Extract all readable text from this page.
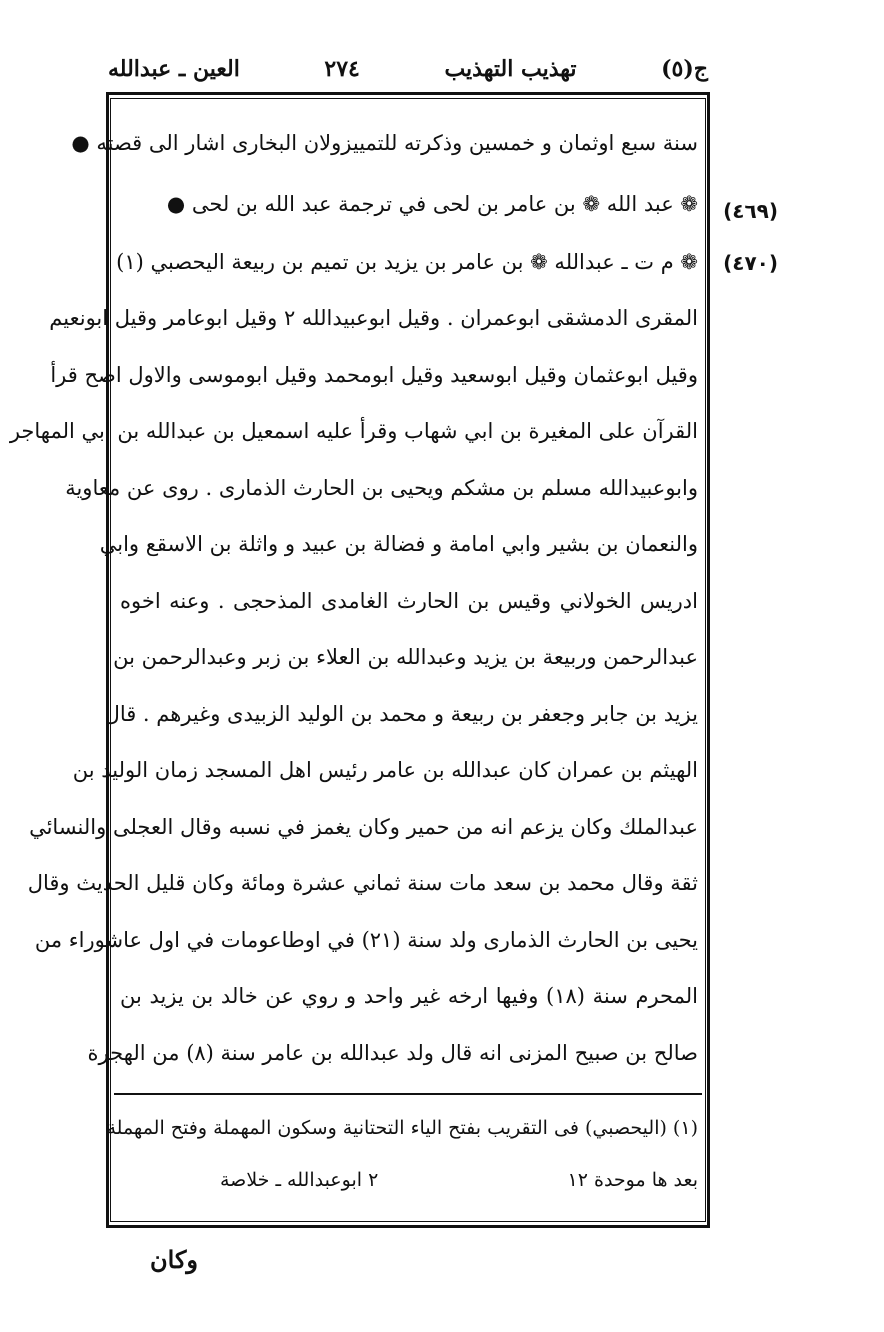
ج(٥)
تهذيب التهذيب
٢٧٤
العين ـ عبدالله
(٤٦٩)
(٤٧٠)
سنة سبع اوثمان و خمسين وذكرته للتمييزولان البخارى اشار الى قصته ●
❁ عبد الله ❁ بن عامر بن لحى في ترجمة عبد الله بن لحى ●
❁ م ت ـ عبدالله ❁ بن عامر بن يزيد بن تميم بن ربيعة اليحصبي (١)
المقرى الدمشقى ابوعمران . وقيل ابوعبيدالله ٢ وقيل ابوعامر وقيل ابونعيم
وقيل ابوعثمان وقيل ابوسعيد وقيل ابومحمد وقيل ابوموسى والاول اصح قرأ
القرآن على المغيرة بن ابي شهاب وقرأ عليه اسمعيل بن عبدالله بن ابي المهاجر
وابوعبيدالله مسلم بن مشكم ويحيى بن الحارث الذمارى . روى عن معاوية
والنعمان بن بشير وابي امامة و فضالة بن عبيد و واثلة بن الاسقع وابي
ادريس الخولاني وقيس بن الحارث الغامدى المذحجى . وعنه اخوه
عبدالرحمن وربيعة بن يزيد وعبدالله بن العلاء بن زبر وعبدالرحمن بن
يزيد بن جابر وجعفر بن ربيعة و محمد بن الوليد الزبيدى وغيرهم . قال
الهيثم بن عمران كان عبدالله بن عامر رئيس اهل المسجد زمان الوليد بن
عبدالملك وكان يزعم انه من حمير وكان يغمز في نسبه وقال العجلى والنسائي
ثقة وقال محمد بن سعد مات سنة ثماني عشرة ومائة وكان قليل الحديث وقال
يحيى بن الحارث الذمارى ولد سنة (٢١) في اوطاعومات في اول عاشوراء من
المحرم سنة (١٨) وفيها ارخه غير واحد و روي عن خالد بن يزيد بن
صالح بن صبيح المزنى انه قال ولد عبدالله بن عامر سنة (٨) من الهجرة
(١) (اليحصبي) فى التقريب بفتح الياء التحتانية وسكون المهملة وفتح المهملة
بعد ها موحدة ١٢
٢ ابوعبدالله ـ خلاصة
وكان
